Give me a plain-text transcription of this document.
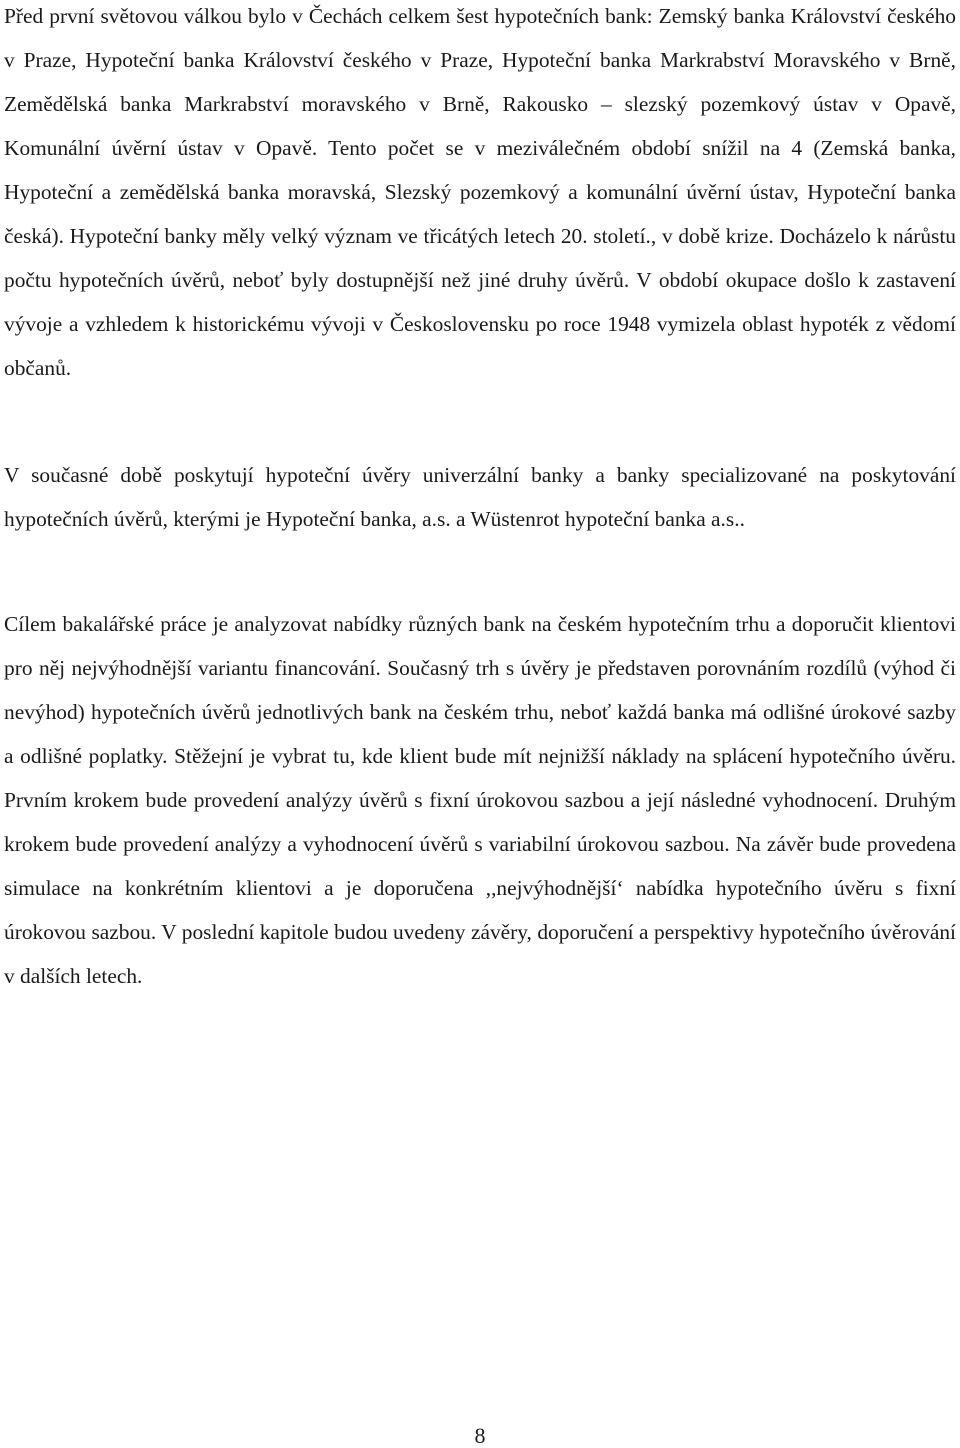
Před první světovou válkou bylo v Čechách celkem šest hypotečních bank: Zemský banka Království českého v Praze, Hypoteční banka Království českého v Praze, Hypoteční banka Markrabství Moravského v Brně, Zemědělská banka Markrabství moravského v Brně, Rakousko – slezský pozemkový ústav v Opavě, Komunální úvěrní ústav v Opavě. Tento počet se v meziválečném období snížil na 4 (Zemská banka, Hypoteční a zemědělská banka moravská, Slezský pozemkový a komunální úvěrní ústav, Hypoteční banka česká). Hypoteční banky měly velký význam ve třicátých letech 20. století., v době krize. Docházelo k nárůstu počtu hypotečních úvěrů, neboť byly dostupnější než jiné druhy úvěrů. V období okupace došlo k zastavení vývoje a vzhledem k historickému vývoji v Československu po roce 1948 vymizela oblast hypoték z vědomí občanů.

V současné době poskytují hypoteční úvěry univerzální banky a banky specializované na poskytování hypotečních úvěrů, kterými je Hypoteční banka, a.s. a Wüstenrot hypoteční banka a.s..

Cílem bakalářské práce je analyzovat nabídky různých bank na českém hypotečním trhu a doporučit klientovi pro něj nejvýhodnější variantu financování. Současný trh s úvěry je představen porovnáním rozdílů (výhod či nevýhod) hypotečních úvěrů jednotlivých bank na českém trhu, neboť každá banka má odlišné úrokové sazby a odlišné poplatky. Stěžejní je vybrat tu, kde klient bude mít nejnižší náklady na splácení hypotečního úvěru. Prvním krokem bude provedení analýzy úvěrů s fixní úrokovou sazbou a její následné vyhodnocení. Druhým krokem bude provedení analýzy a vyhodnocení úvěrů s variabilní úrokovou sazbou. Na závěr bude provedena simulace na konkrétním klientovi a je doporučena ,,nejvýhodnější‘ nabídka hypotečního úvěru s fixní úrokovou sazbou. V poslední kapitole budou uvedeny závěry, doporučení a perspektivy hypotečního úvěrování v dalších letech.

8
